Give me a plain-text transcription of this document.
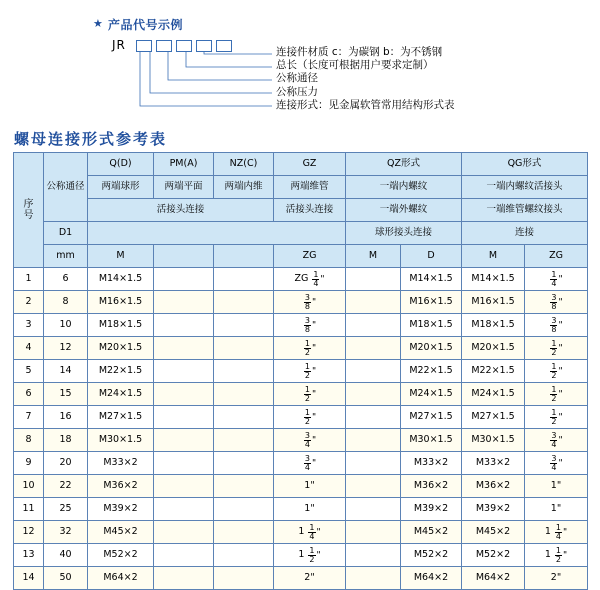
★ 产品代号示例
JR	连接件材质 c：为碳钢 b：为不锈钢
总长（长度可根据用户要求定制）
公称通径
公称压力
连接形式：见金属软管常用结构形式表
螺母连接形式参考表
序
号	公称通径	Q(D)	PM(A)	NZ(C)	GZ	QZ形式		QG形式	
		两端球形	两端平面	两端内维	两端维管	一端内螺纹		一端内螺纹活接头	
		活接头连接			活接头连接	一端外螺纹		一端维管螺纹接头	
	D1					球形接头连接		连接	
	mm	M			ZG	M	D	M	ZG
1	6	M14×1.5			ZG $\frac{1}{4}$ "		M14×1.5	M14×1.5	$\frac{1}{4}$ "
2	8	M16×1.5			$\frac{3}{8}$ "		M16×1.5	M16×1.5	$\frac{3}{8}$ "
3	10	M18×1.5			$\frac{3}{8}$ "		M18×1.5	M18×1.5	$\frac{3}{8}$ "
4	12	M20×1.5			$\frac{1}{2}$ "		M20×1.5	M20×1.5	$\frac{1}{2}$ "
5	14	M22×1.5			$\frac{1}{2}$ "		M22×1.5	M22×1.5	$\frac{1}{2}$ "
6	15	M24×1.5			$\frac{1}{2}$ "		M24×1.5	M24×1.5	$\frac{1}{2}$ "
7	16	M27×1.5			$\frac{1}{2}$ "		M27×1.5	M27×1.5	$\frac{1}{2}$ "
8	18	M30×1.5			$\frac{3}{4}$ "		M30×1.5	M30×1.5	$\frac{3}{4}$ "
9	20	M33×2			$\frac{3}{4}$ "		M33×2	M33×2	$\frac{3}{4}$ "
10	22	M36×2			1"		M36×2	M36×2	1"
11	25	M39×2			1"		M39×2	M39×2	1"
12	32	M45×2			$1 \frac{1}{4}$ "		M45×2	M45×2	$1 \frac{1}{4}$ "
13	40	M52×2			$1 \frac{1}{2}$ "		M52×2	M52×2	$1 \frac{1}{2}$ "
14	50	M64×2			2"		M64×2	M64×2	2"
